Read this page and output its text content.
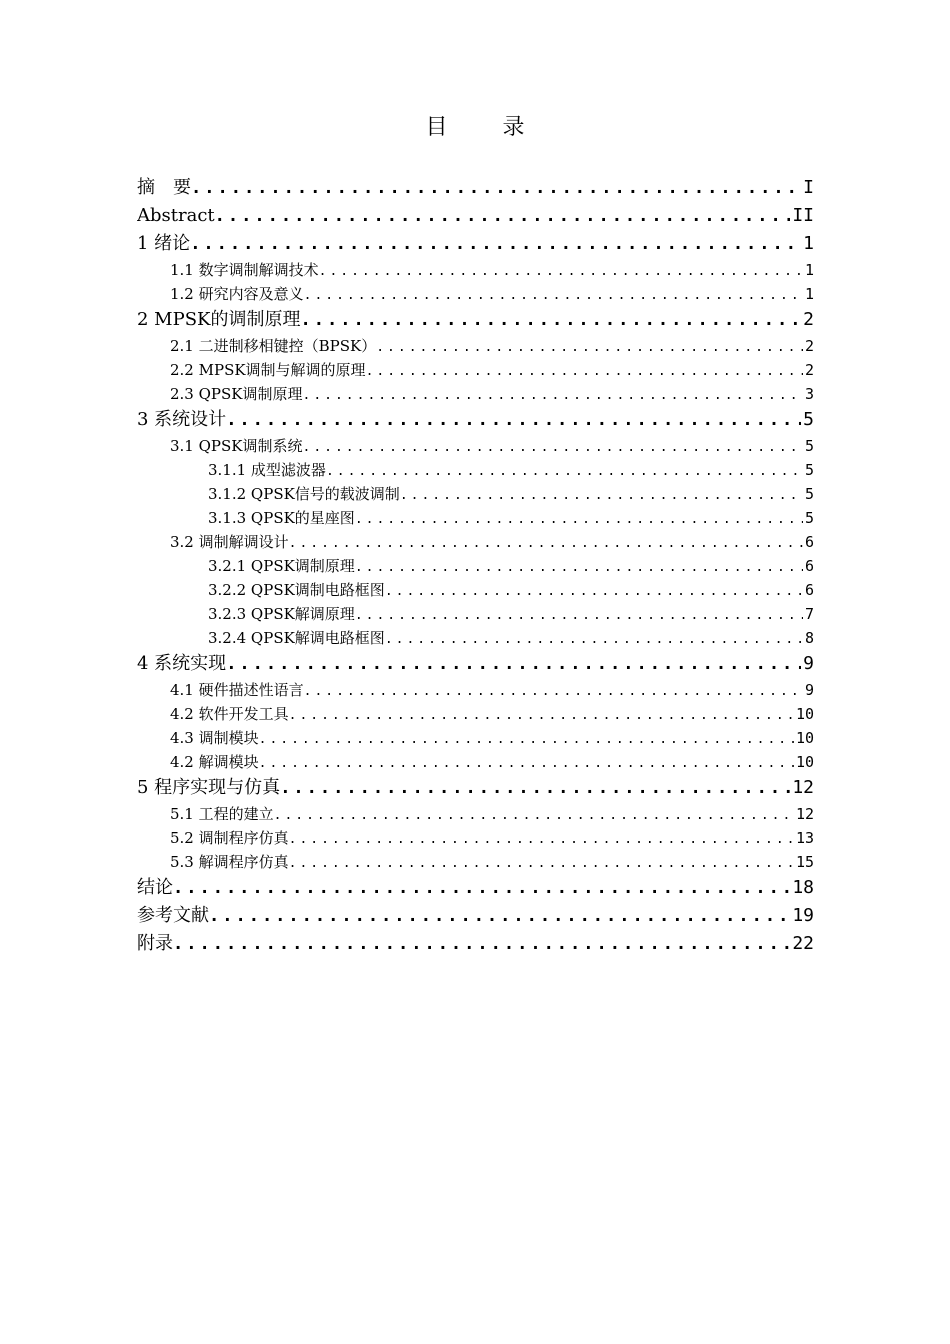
目 录
摘　要 .....	I
Abstract .....	II
1 绪论 .....	1
1.1 数字调制解调技术 .....	1
1.2 研究内容及意义 .....	1
2 MPSK的调制原理 .....	2
2.1 二进制移相键控（BPSK） .....	2
2.2 MPSK调制与解调的原理 .....	2
2.3 QPSK调制原理 .....	3
3 系统设计 .....	5
3.1 QPSK调制系统 .....	5
3.1.1 成型滤波器 .....	5
3.1.2 QPSK信号的载波调制 .....	5
3.1.3 QPSK的星座图 .....	5
3.2 调制解调设计 .....	6
3.2.1 QPSK调制原理 .....	6
3.2.2 QPSK调制电路框图 .....	6
3.2.3 QPSK解调原理 .....	7
3.2.4 QPSK解调电路框图 .....	8
4 系统实现 .....	9
4.1 硬件描述性语言 .....	9
4.2 软件开发工具 .....	10
4.3 调制模块 .....	10
4.2 解调模块 .....	10
5 程序实现与仿真 .....	12
5.1 工程的建立 .....	12
5.2 调制程序仿真 .....	13
5.3 解调程序仿真 .....	15
结论 .....	18
参考文献 .....	19
附录 .....	22
